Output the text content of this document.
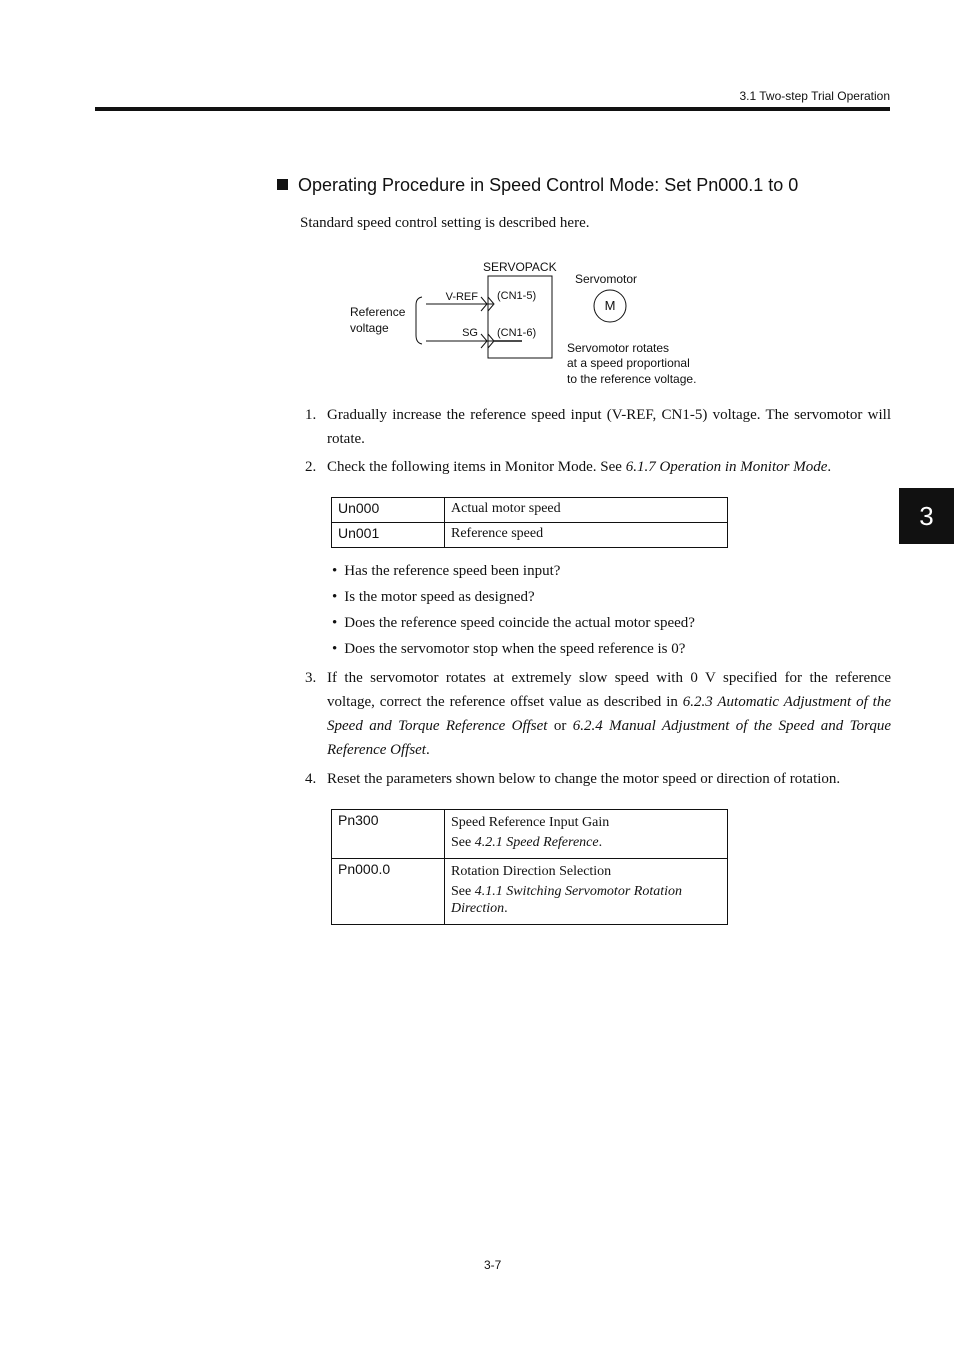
3.1 Two-step Trial Operation
3
Operating Procedure in Speed Control Mode: Set Pn000.1 to 0
Standard speed control setting is described here.
SERVOPACK
Servomotor
M
Reference
voltage
V-REF
SG
(CN1-5)
(CN1-6)
Servomotor rotates
at a speed proportional
to the reference voltage.
1. Gradually increase the reference speed input (V-REF, CN1-5) voltage. The servomotor will rotate.
2. Check the following items in Monitor Mode. See 6.1.7 Operation in Monitor Mode.
Un000	Actual motor speed
Un001	Reference speed
• Has the reference speed been input?
• Is the motor speed as designed?
• Does the reference speed coincide the actual motor speed?
• Does the servomotor stop when the speed reference is 0?
3. If the servomotor rotates at extremely slow speed with 0 V specified for the reference voltage, correct the reference offset value as described in 6.2.3 Automatic Adjustment of the Speed and Torque Reference Offset or 6.2.4 Manual Adjustment of the Speed and Torque Reference Offset.
4. Reset the parameters shown below to change the motor speed or direction of rotation.
Pn300	Speed Reference Input Gain
See 4.2.1 Speed Reference.

Pn000.0	Rotation Direction Selection
See 4.1.1 Switching Servomotor Rotation Direction.
3-7
